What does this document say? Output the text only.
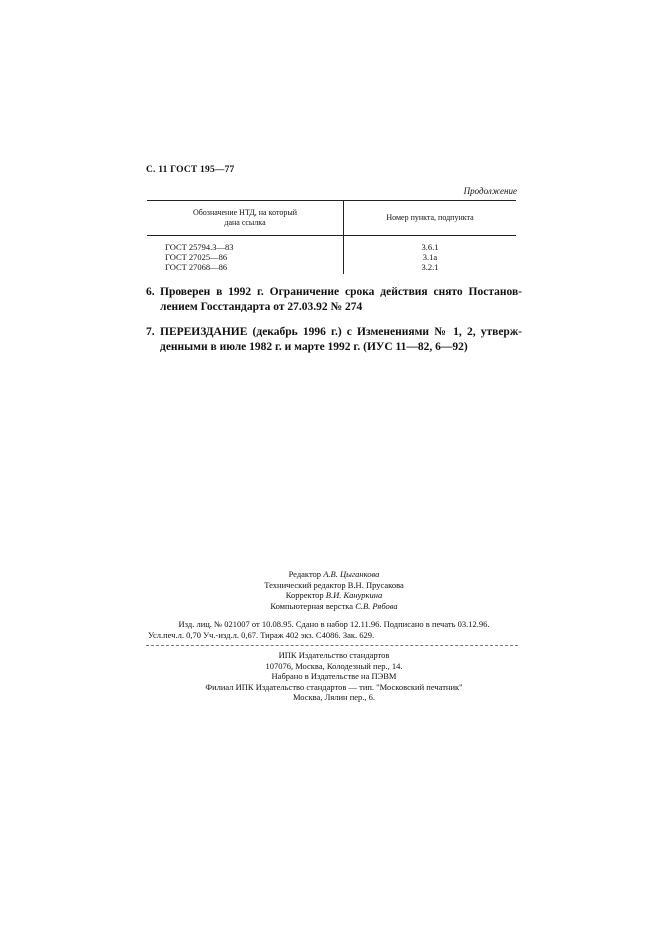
С. 11 ГОСТ 195—77
Продолжение
Обозначение НТД, на который
дана ссылка	Номер пункта, подпункта
ГОСТ 25794.3—83	3.6.1
ГОСТ 27025—86	3.1а
ГОСТ 27068—86	3.2.1
6. Проверен в 1992 г. Ограничение срока действия снято Постанов-
лением Госстандарта от 27.03.92 № 274
7. ПЕРЕИЗДАНИЕ (декабрь 1996 г.) с Изменениями № 1, 2, утверж-
денными в июле 1982 г. и марте 1992 г. (ИУС 11—82, 6—92)
Редактор А.В. Цыганкова
Технический редактор В.Н. Прусакова
Корректор В.И. Кануркина
Компьютерная верстка С.В. Рябова
Изд. лиц. № 021007 от 10.08.95. Сдано в набор 12.11.96. Подписано в печать 03.12.96.
Усл.печ.л. 0,70 Уч.-изд.л. 0,67. Тираж 402 экз. С4086. Зак. 629.
ИПК Издательство стандартов
107076, Москва, Колодезный пер., 14.
Набрано в Издательстве на ПЭВМ
Филиал ИПК Издательство стандартов — тип. "Московский печатник"
Москва, Лялин пер., 6.
